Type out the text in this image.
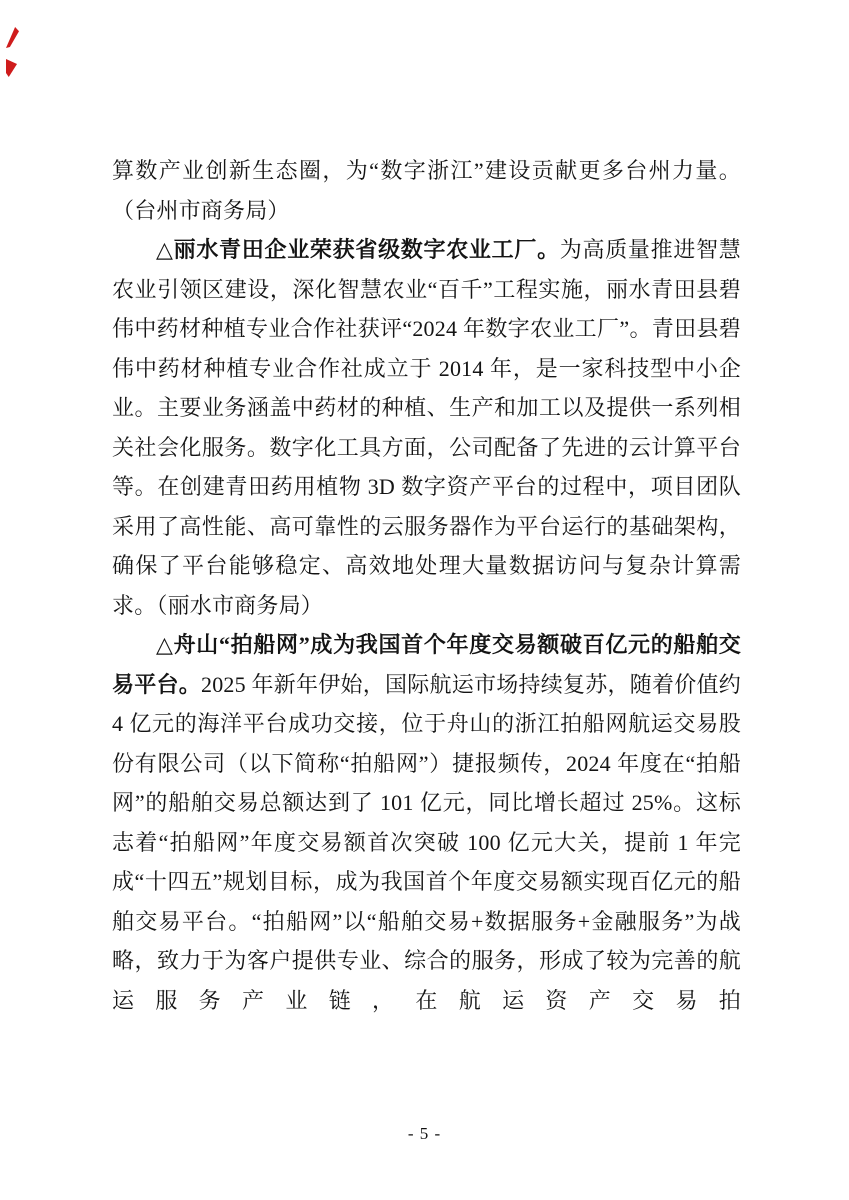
算数产业创新生态圈，为“数字浙江”建设贡献更多台州力量。（台州市商务局）

△丽水青田企业荣获省级数字农业工厂。为高质量推进智慧农业引领区建设，深化智慧农业“百千”工程实施，丽水青田县碧伟中药材种植专业合作社获评“2024 年数字农业工厂”。青田县碧伟中药材种植专业合作社成立于 2014 年，是一家科技型中小企业。主要业务涵盖中药材的种植、生产和加工以及提供一系列相关社会化服务。数字化工具方面，公司配备了先进的云计算平台等。在创建青田药用植物 3D 数字资产平台的过程中，项目团队采用了高性能、高可靠性的云服务器作为平台运行的基础架构，确保了平台能够稳定、高效地处理大量数据访问与复杂计算需求。（丽水市商务局）

△舟山“拍船网”成为我国首个年度交易额破百亿元的船舶交易平台。2025 年新年伊始，国际航运市场持续复苏，随着价值约 4 亿元的海洋平台成功交接，位于舟山的浙江拍船网航运交易股份有限公司（以下简称“拍船网”）捷报频传，2024 年度在“拍船网”的船舶交易总额达到了 101 亿元，同比增长超过 25%。这标志着“拍船网”年度交易额首次突破 100 亿元大关，提前 1 年完成“十四五”规划目标，成为我国首个年度交易额实现百亿元的船舶交易平台。“拍船网”以“船舶交易+数据服务+金融服务”为战略，致力于为客户提供专业、综合的服务，形成了较为完善的航运服务产业链，在航运资产交易拍

- 5 -
